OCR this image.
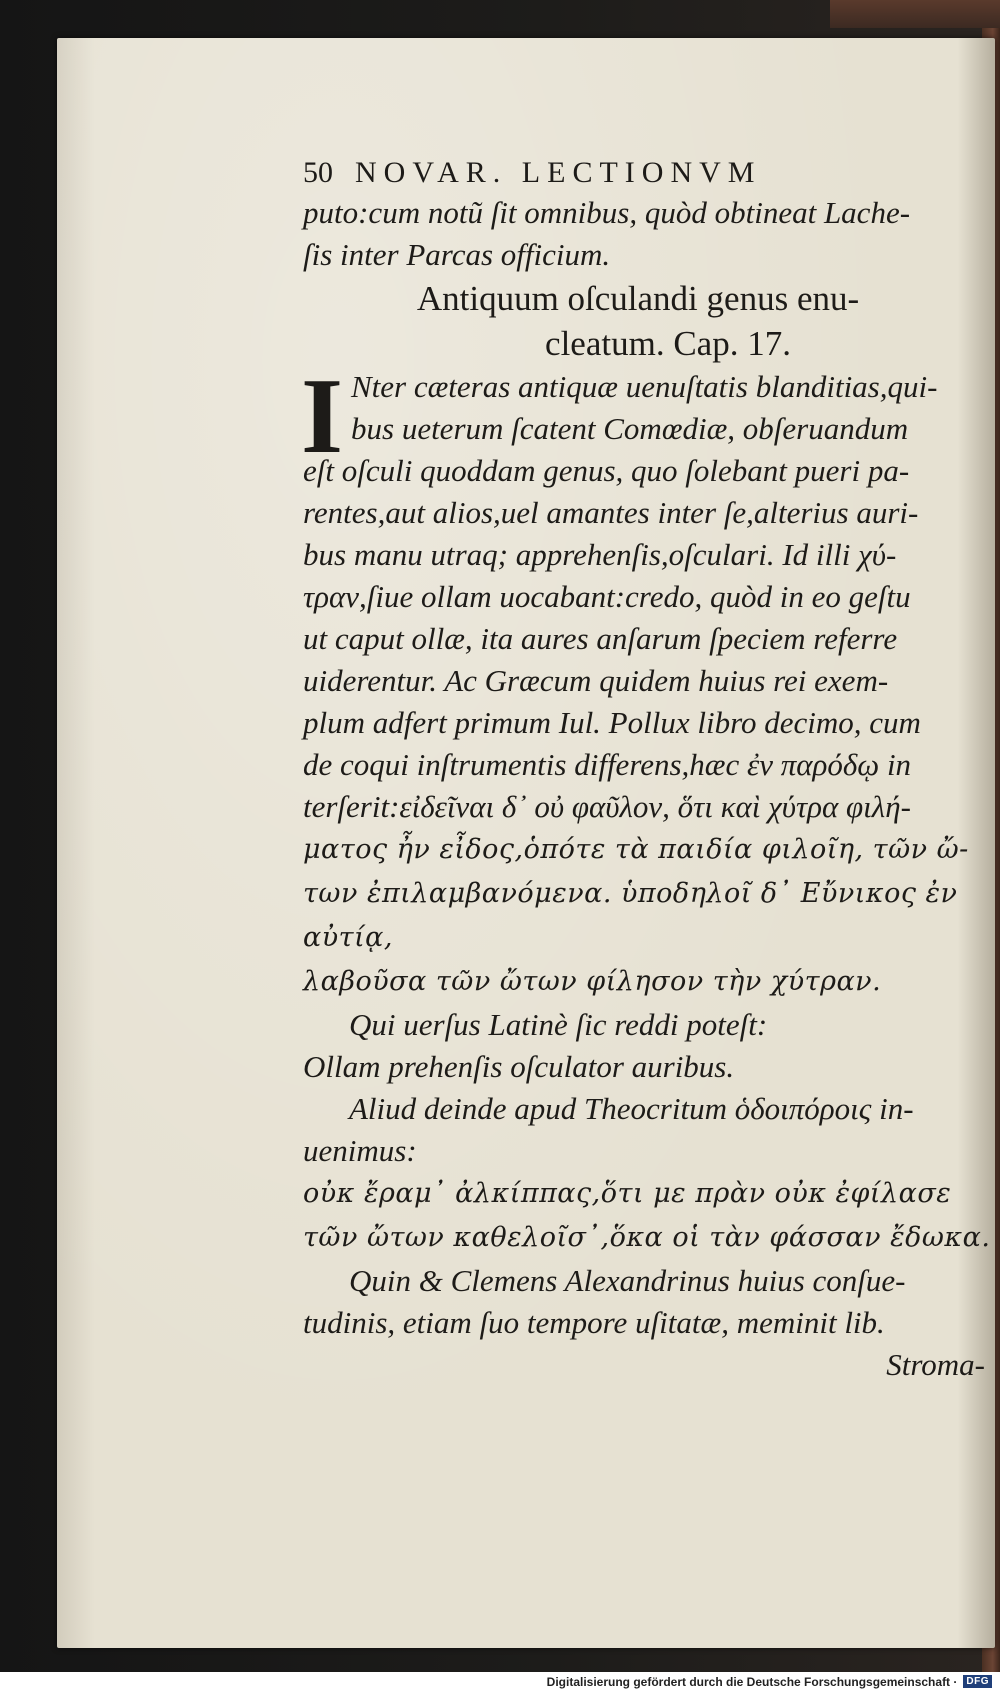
50 NOVAR. LECTIONVM
puto:cum notũ ſit omnibus, quòd obtineat Lache-
ſis inter Parcas officium.
Antiquum oſculandi genus enu-
cleatum. Cap. 17.
I Nter cæteras antiquæ uenuſtatis blanditias,qui-
bus ueterum ſcatent Comœdiæ, obſeruandum
eſt oſculi quoddam genus, quo ſolebant pueri pa-
rentes,aut alios,uel amantes inter ſe,alterius auri-
bus manu utraq; apprehenſis,oſculari. Id illi χύ-
τραν,ſiue ollam uocabant:credo, quòd in eo geſtu
ut caput ollæ, ita aures anſarum ſpeciem referre
uiderentur. Ac Græcum quidem huius rei exem-
plum adfert primum Iul. Pollux libro decimo, cum
de coqui inſtrumentis differens,hæc ἐν παρόδῳ in
terſerit:εἰδεῖναι δ᾽ οὐ φαῦλον, ὅτι καὶ χύτρα φιλή-
ματος ἦν εἶδος,ὁπότε τὰ παιδία φιλοῖη, τῶν ὤ-
των ἐπιλαμβανόμενα. ὑποδηλοῖ δ᾽ Εὔνικος ἐν
αὐτίᾳ,
λαβοῦσα τῶν ὤτων φίλησον τὴν χύτραν.
Qui uerſus Latinè ſic reddi poteſt:
Ollam prehenſis oſculator auribus.
Aliud deinde apud Theocritum ὁδοιπόροις in-
uenimus:
οὐκ ἔραμ᾽ ἀλκίππας,ὅτι με πρὰν οὐκ ἐφίλασε
τῶν ὤτων καθελοῖσ᾽,ὅκα οἱ τὰν φάσσαν ἔδωκα.
Quin & Clemens Alexandrinus huius conſue-
tudinis, etiam ſuo tempore uſitatæ, meminit lib.
Stroma-
Digitalisierung gefördert durch die Deutsche Forschungsgemeinschaft · DFG
